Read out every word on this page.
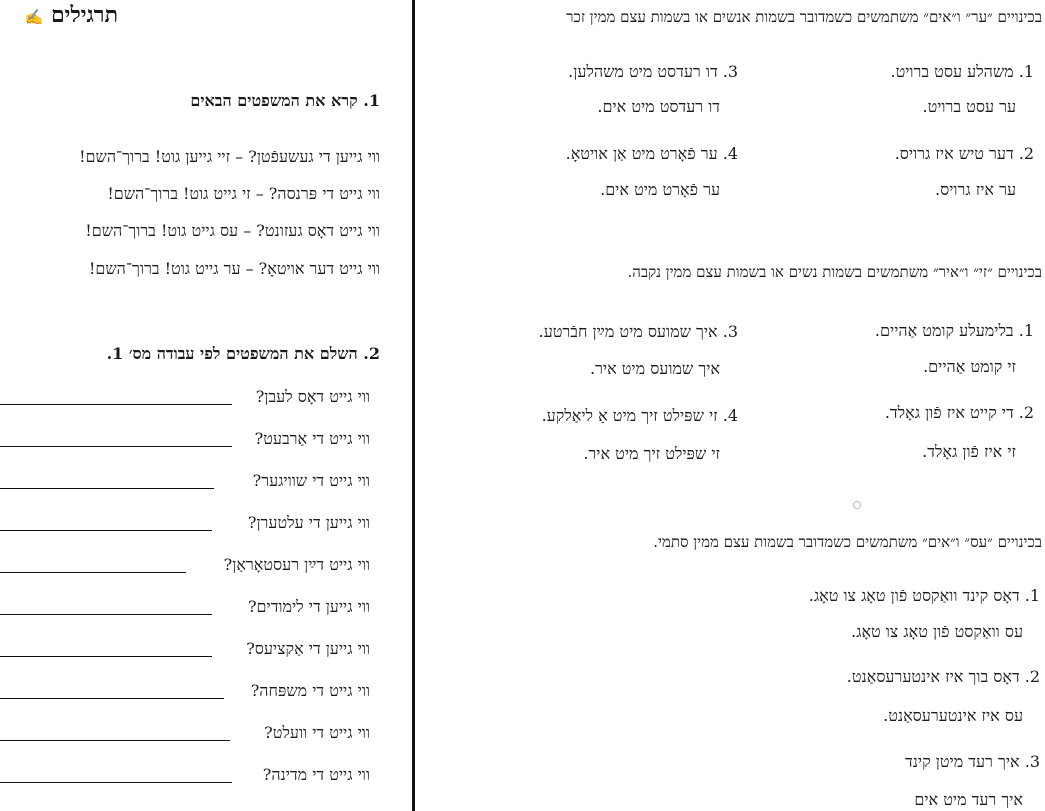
תרגילים ✍
1. קרא את המשפטים הבאים
ווי גייען די געשעפֿטן? – זיי גייען גוט! ברוך־השם!
ווי גייט די פּרנסה? – זי גייט גוט! ברוך־השם!
ווי גייט דאָס געזונט? – עס גייט גוט! ברוך־השם!
ווי גייט דער אויטאָ? – ער גייט גוט! ברוך־השם!
2. השלם את המשפטים לפי עבודה מס׳ 1.
ווי גייט דאָס לעבן?
ווי גייט די אַרבעט?
ווי גייט די שוויגער?
ווי גייען די עלטערן?
ווי גייט דײַן רעסטאָראַן?
ווי גייען די לימודים?
ווי גייען די אַקציעס?
ווי גייט די משפּחה?
ווי גייט די וועלט?
ווי גייט די מדינה?
בכינויים ״ער״ ו״אים״ משתמשים כשמדובר בשמות אנשים או בשמות עצם ממין זכר
1. משהלע עסט ברויט.
ער עסט ברויט.
2. דער טיש איז גרויס.
ער איז גרויס.
3. דו רעדסט מיט משהלען.
דו רעדסט מיט אים.
4. ער פֿאָרט מיט אַן אויטאָ.
ער פֿאָרט מיט אים.
בכינויים ״זי״ ו״איר״ משתמשים בשמות נשים או בשמות עצם ממין נקבה.
1. בלימעלע קומט אַהיים.
זי קומט אַהיים.
2. די קייט איז פֿון גאָלד.
זי איז פֿון גאָלד.
3. איך שמועס מיט מײַן חבֿרטע.
איך שמועס מיט איר.
4. זי שפּילט זיך מיט אַ ליאַלקע.
זי שפּילט זיך מיט איר.
בכינויים ״עס״ ו״אים״ משתמשים כשמדובר בשמות עצם ממין סתמי.
1. דאָס קינד וואַקסט פֿון טאָג צו טאָג.
עס וואַקסט פֿון טאָג צו טאָג.
2. דאָס בוך איז אינטערעסאַנט.
עס איז אינטערעסאַנט.
3. איך רעד מיטן קינד
איך רעד מיט אים
